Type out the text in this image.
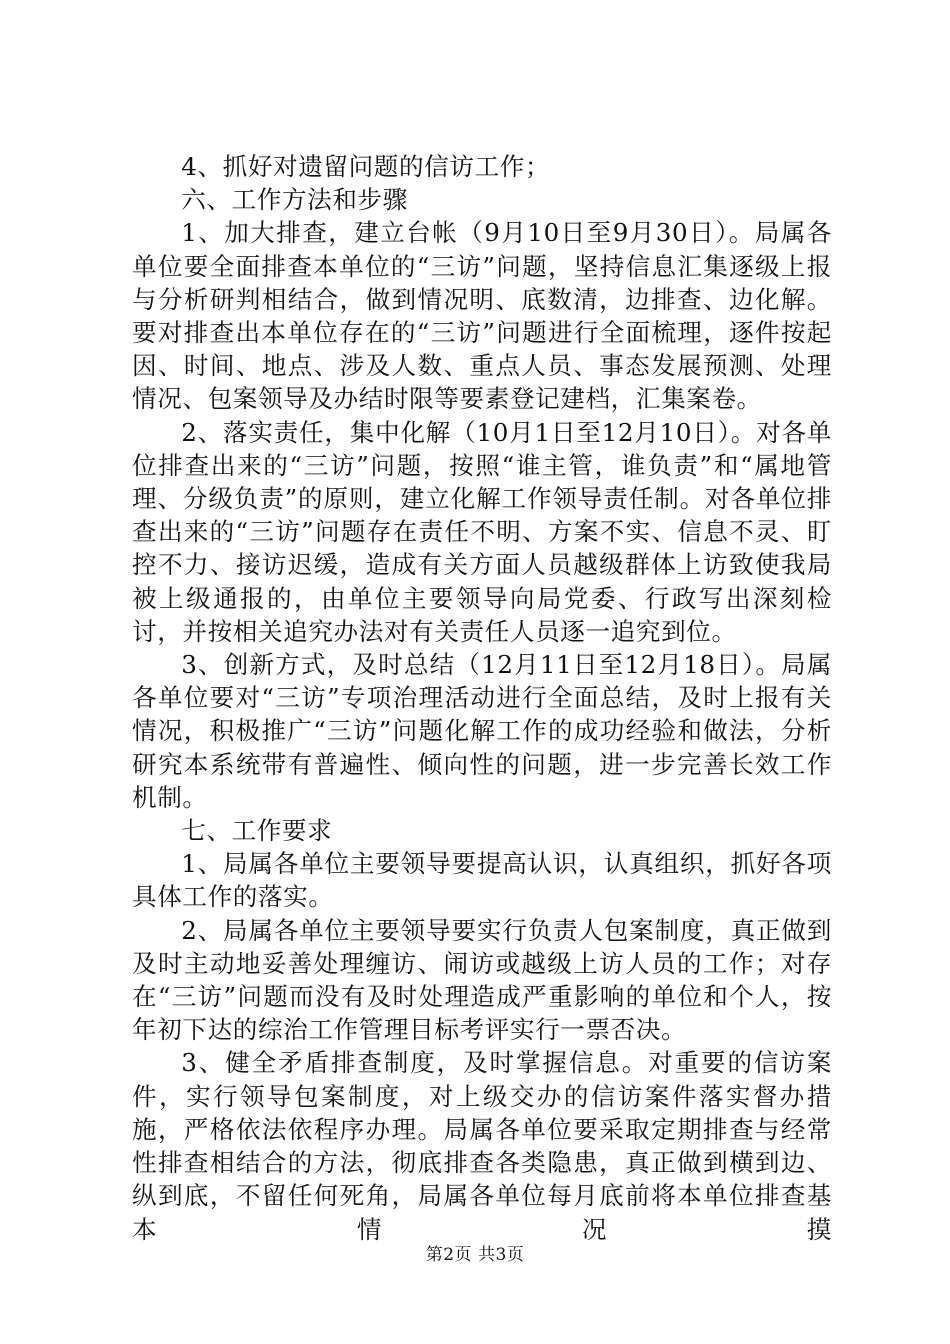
4、抓好对遗留问题的信访工作；

六、工作方法和步骤

1、加大排查，建立台帐（9月10日至9月30日）。局属各单位要全面排查本单位的“三访”问题，坚持信息汇集逐级上报与分析研判相结合，做到情况明、底数清，边排查、边化解。要对排查出本单位存在的“三访”问题进行全面梳理，逐件按起因、时间、地点、涉及人数、重点人员、事态发展预测、处理情况、包案领导及办结时限等要素登记建档，汇集案卷。

2、落实责任，集中化解（10月1日至12月10日）。对各单位排查出来的“三访”问题，按照“谁主管，谁负责”和“属地管理、分级负责”的原则，建立化解工作领导责任制。对各单位排查出来的“三访”问题存在责任不明、方案不实、信息不灵、盯控不力、接访迟缓，造成有关方面人员越级群体上访致使我局被上级通报的，由单位主要领导向局党委、行政写出深刻检讨，并按相关追究办法对有关责任人员逐一追究到位。

3、创新方式，及时总结（12月11日至12月18日）。局属各单位要对“三访”专项治理活动进行全面总结，及时上报有关情况，积极推广“三访”问题化解工作的成功经验和做法，分析研究本系统带有普遍性、倾向性的问题，进一步完善长效工作机制。

七、工作要求

1、局属各单位主要领导要提高认识，认真组织，抓好各项具体工作的落实。

2、局属各单位主要领导要实行负责人包案制度，真正做到及时主动地妥善处理缠访、闹访或越级上访人员的工作；对存在“三访”问题而没有及时处理造成严重影响的单位和个人，按年初下达的综治工作管理目标考评实行一票否决。

3、健全矛盾排查制度，及时掌握信息。对重要的信访案件，实行领导包案制度，对上级交办的信访案件落实督办措施，严格依法依程序办理。局属各单位要采取定期排查与经常性排查相结合的方法，彻底排查各类隐患，真正做到横到边、纵到底，不留任何死角，局属各单位每月底前将本单位排查基本情况摸

第2页 共3页
